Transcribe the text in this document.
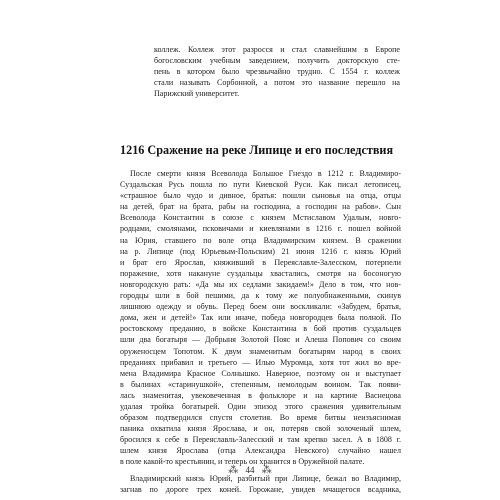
коллеж. Коллеж этот разросся и стал славнейшим в Европе
богословским учебным заведением, получить докторскую сте-
пень в котором было чрезвычайно трудно. С 1554 г. коллеж
стали называть Сорбонной, а потом это название перешло на
Парижский университет.
1216 Сражение на реке Липице и его последствия
После смерти князя Всеволода Большое Гнездо в 1212 г. Владимиро-
Суздальская Русь пошла по пути Киевской Руси. Как писал летописец,
«страшное было чудо и дивное, братья: пошли сыновья на отца, отцы
на детей, брат на брата, рабы на господина, а господин на рабов». Сын
Всеволода Константин в союзе с князем Мстиславом Удалым, новго-
родцами, смолянами, псковичами и киевлянами в 1216 г. пошел войной
на Юрия, ставшего по воле отца Владимирским князем. В сражении
на р. Липице (под Юрьевым-Польским) 21 июня 1216 г. князь Юрий
и брат его Ярослав, княживший в Переяславле-Залесском, потерпели
поражение, хотя накануне суздальцы хвастались, смотря на босоногую
новгородскую рать: «Да мы их седлами закидаем!» Дело в том, что нов-
городцы шли в бой пешими, да к тому же полуобнаженными, скинув
лишнюю одежду и обувь. Перед боем они воскликали: «Забудем, братья,
дома, жен и детей!» Так или иначе, победа новгородцев была полной. По
ростовскому преданию, в войске Константина в бой против суздальцев
шли два богатыря — Добрыня Золотой Пояс и Алеша Попович со своим
оруженосцем Топотом. К двум знаменитым богатырям народ в своих
преданиях прибавил и третьего — Илью Муромца, хотя тот жил во вре-
мена Владимира Красное Солнышко. Наверное, поэтому он и выступает
в былинах «старинушкой», степенным, немолодым воином. Так появи-
лась знаменитая, увековеченная в фольклоре и на картине Васнецова
удалая тройка богатырей. Один эпизод этого сражения удивительным
образом подтвердился спустя столетия. Во время битвы неизъяснимая
паника охватила князя Ярослава, и он, потеряв свой золоченый шлем,
бросился к себе в Переяславль-Залесский и там крепко засел. А в 1808 г.
шлем князя Ярослава (отца Александра Невского) случайно нашел
в поле какой-то крестьянин, и теперь он хранится в Оружейной палате.
Владимирский князь Юрий, разбитый при Липице, бежал во Владимир,
загнав по дороге трех коней. Горожане, увидев мчащегося всадника,
⁂ 44 ⁂
